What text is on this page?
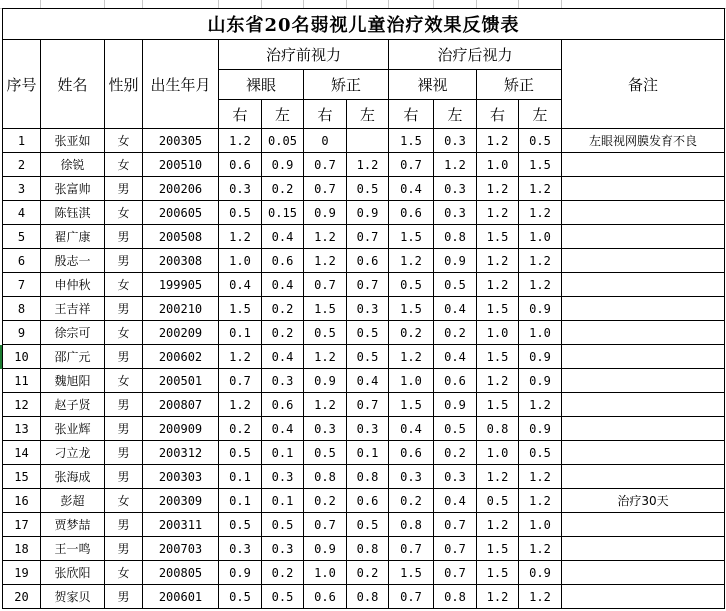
山东省20名弱视儿童治疗效果反馈表												
序号	姓名	性别	出生年月	治疗前视力				治疗后视力				备注
				裸眼		矫正		裸视		矫正		
				右	左	右	左	右	左	右	左	
1	张亚如	女	200305	1.2	0.05	0		1.5	0.3	1.2	0.5	左眼视网膜发育不良
2	徐锐	女	200510	0.6	0.9	0.7	1.2	0.7	1.2	1.0	1.5	
3	张富帅	男	200206	0.3	0.2	0.7	0.5	0.4	0.3	1.2	1.2	
4	陈钰淇	女	200605	0.5	0.15	0.9	0.9	0.6	0.3	1.2	1.2	
5	翟广康	男	200508	1.2	0.4	1.2	0.7	1.5	0.8	1.5	1.0	
6	殷志一	男	200308	1.0	0.6	1.2	0.6	1.2	0.9	1.2	1.2	
7	申仲秋	女	199905	0.4	0.4	0.7	0.7	0.5	0.5	1.2	1.2	
8	王吉祥	男	200210	1.5	0.2	1.5	0.3	1.5	0.4	1.5	0.9	
9	徐宗可	女	200209	0.1	0.2	0.5	0.5	0.2	0.2	1.0	1.0	
10	邵广元	男	200602	1.2	0.4	1.2	0.5	1.2	0.4	1.5	0.9	
11	魏旭阳	女	200501	0.7	0.3	0.9	0.4	1.0	0.6	1.2	0.9	
12	赵子贤	男	200807	1.2	0.6	1.2	0.7	1.5	0.9	1.5	1.2	
13	张业辉	男	200909	0.2	0.4	0.3	0.3	0.4	0.5	0.8	0.9	
14	刁立龙	男	200312	0.5	0.1	0.5	0.1	0.6	0.2	1.0	0.5	
15	张海成	男	200303	0.1	0.3	0.8	0.8	0.3	0.3	1.2	1.2	
16	彭超	女	200309	0.1	0.1	0.2	0.6	0.2	0.4	0.5	1.2	治疗30天
17	贾梦喆	男	200311	0.5	0.5	0.7	0.5	0.8	0.7	1.2	1.0	
18	王一鸣	男	200703	0.3	0.3	0.9	0.8	0.7	0.7	1.5	1.2	
19	张欣阳	女	200805	0.9	0.2	1.0	0.2	1.5	0.7	1.5	0.9	
20	贺家贝	男	200601	0.5	0.5	0.6	0.8	0.7	0.8	1.2	1.2	
